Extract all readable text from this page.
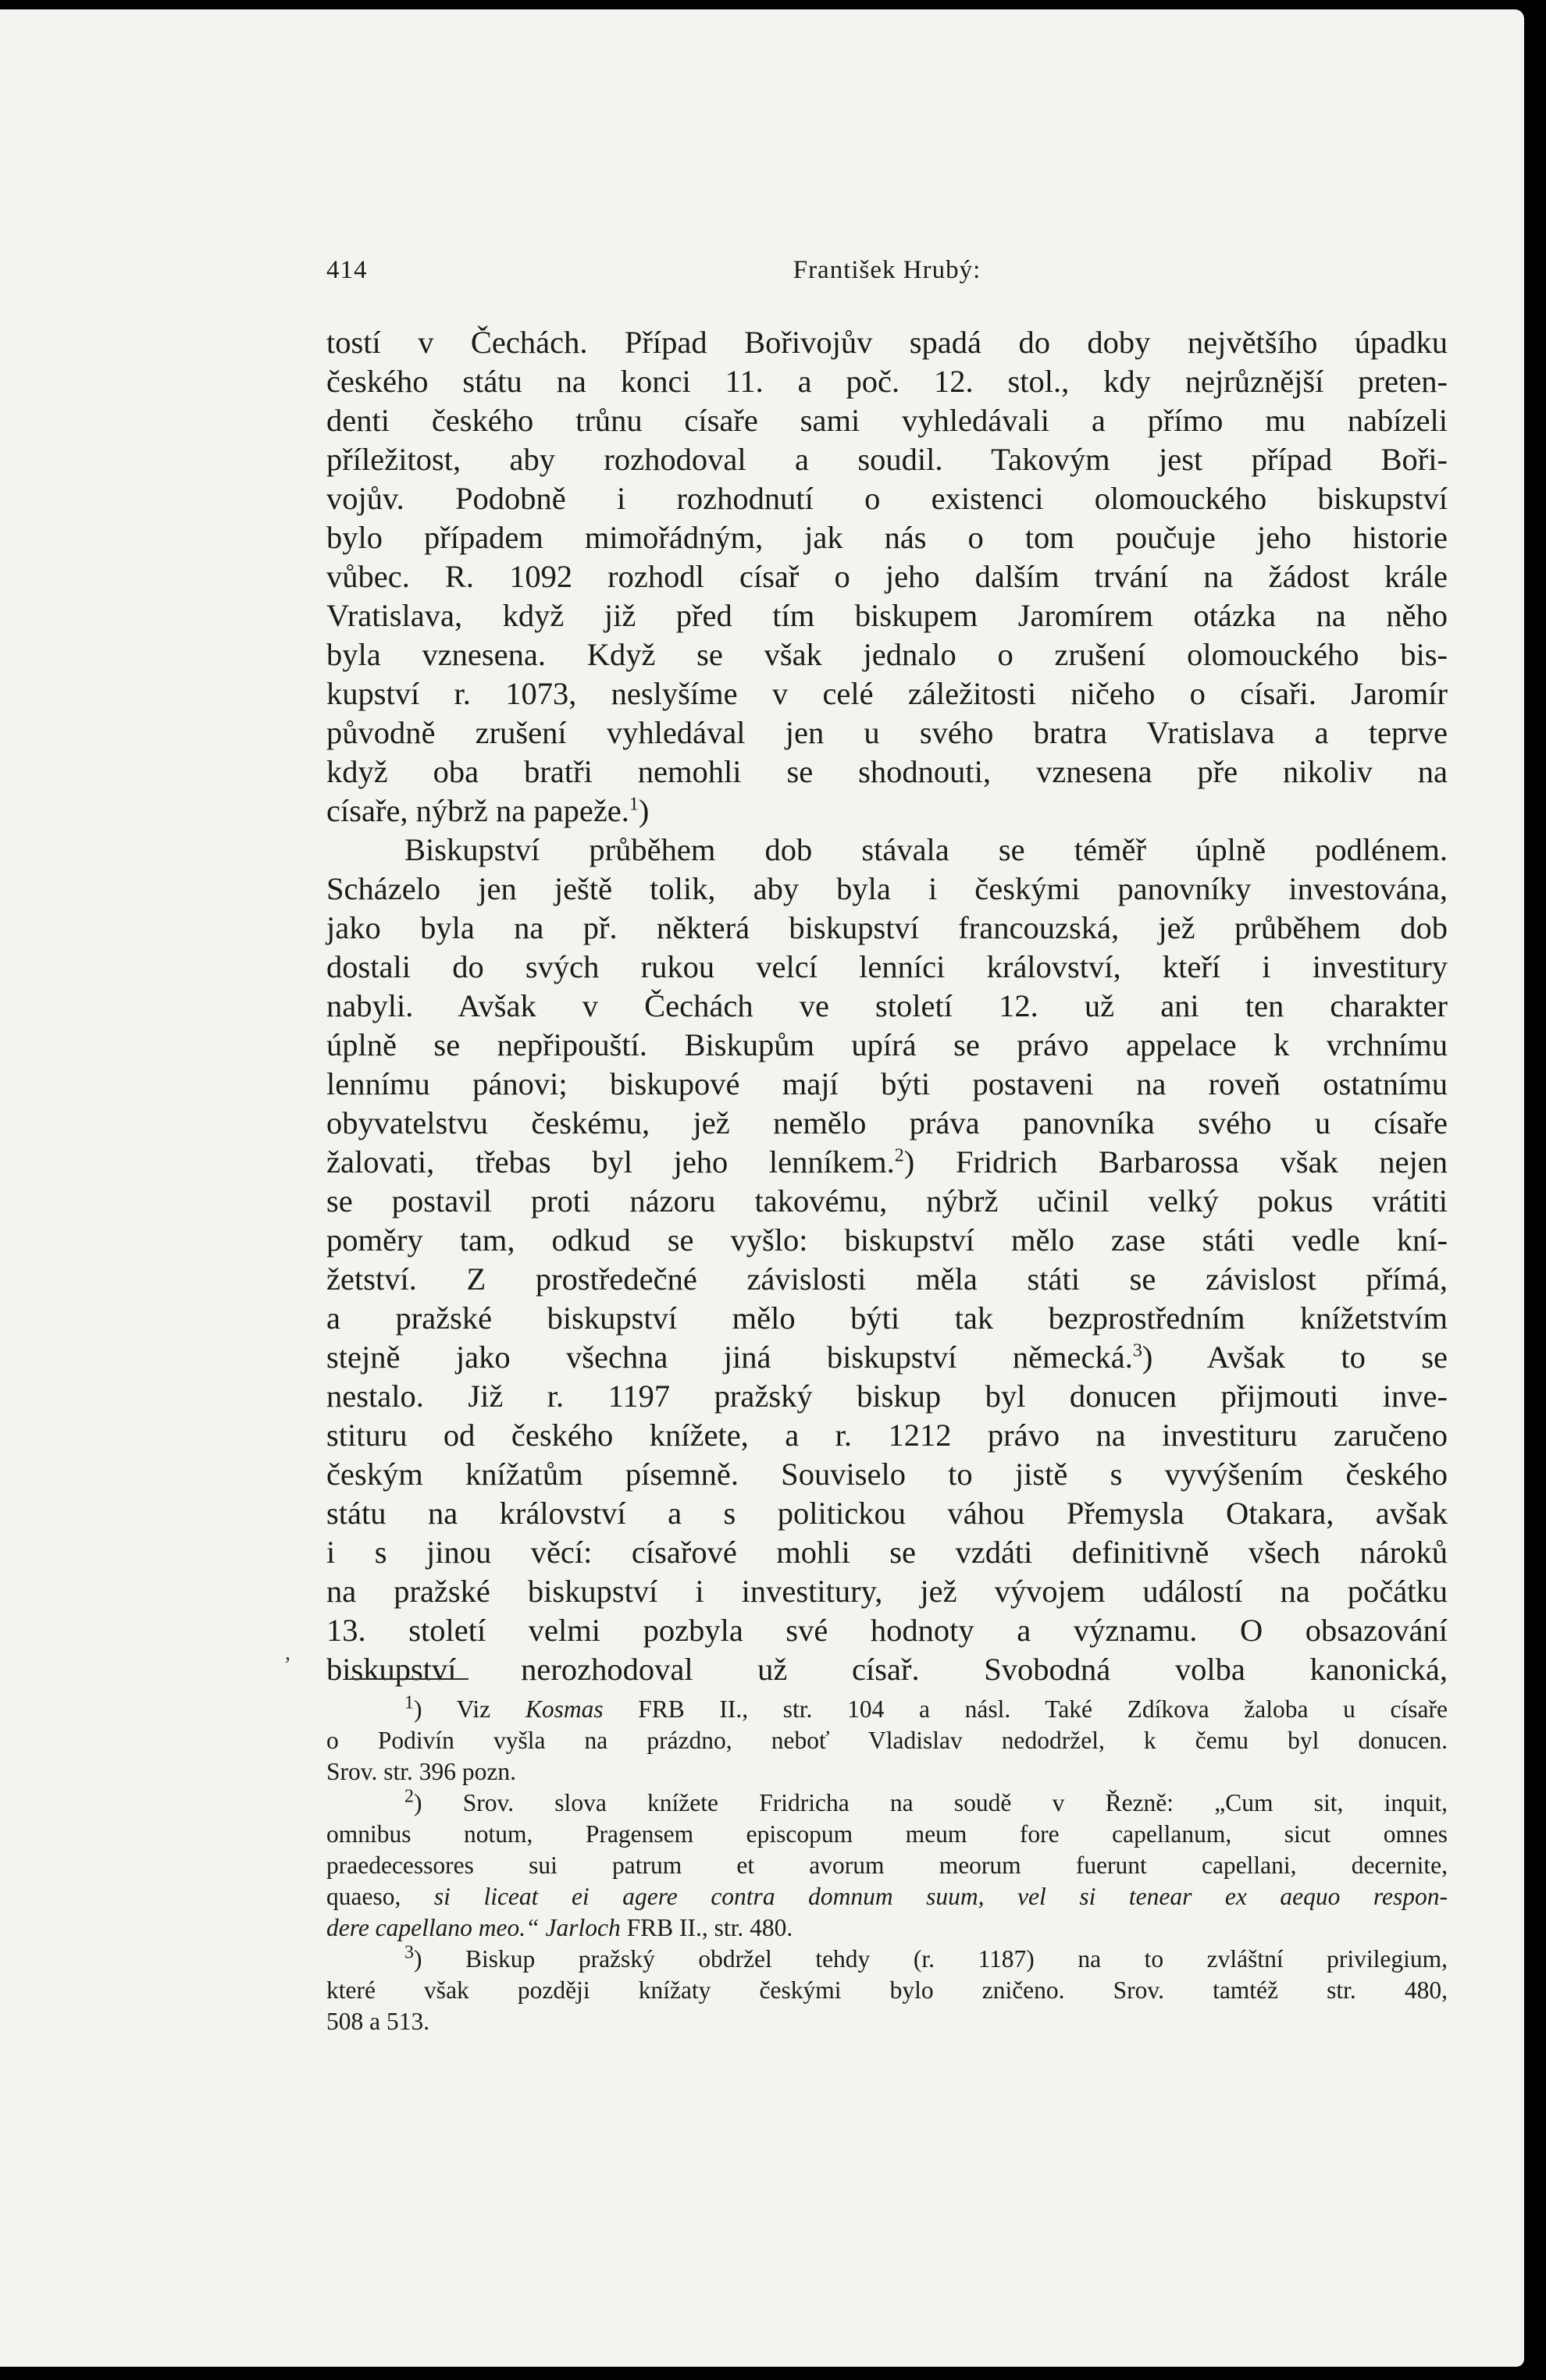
414	František Hrubý:
tostí v Čechách. Případ Bořivojův spadá do doby největšího úpadku
českého státu na konci 11. a poč. 12. stol., kdy nejrůznější preten-
denti českého trůnu císaře sami vyhledávali a přímo mu nabízeli
příležitost, aby rozhodoval a soudil. Takovým jest případ Boři-
vojův. Podobně i rozhodnutí o existenci olomouckého biskupství
bylo případem mimořádným, jak nás o tom poučuje jeho historie
vůbec. R. 1092 rozhodl císař o jeho dalším trvání na žádost krále
Vratislava, když již před tím biskupem Jaromírem otázka na něho
byla vznesena. Když se však jednalo o zrušení olomouckého bis-
kupství r. 1073, neslyšíme v celé záležitosti ničeho o císaři. Jaromír
původně zrušení vyhledával jen u svého bratra Vratislava a teprve
když oba bratři nemohli se shodnouti, vznesena pře nikoliv na
císaře, nýbrž na papeže.$^1$)
Biskupství průběhem dob stávala se téměř úplně podlénem.
Scházelo jen ještě tolik, aby byla i českými panovníky investována,
jako byla na př. některá biskupství francouzská, jež průběhem dob
dostali do svých rukou velcí lenníci království, kteří i investitury
nabyli. Avšak v Čechách ve století 12. už ani ten charakter
úplně se nepřipouští. Biskupům upírá se právo appelace k vrchnímu
lennímu pánovi; biskupové mají býti postaveni na roveň ostatnímu
obyvatelstvu českému, jež nemělo práva panovníka svého u císaře
žalovati, třebas byl jeho lenníkem.$^2$) Fridrich Barbarossa však nejen
se postavil proti názoru takovému, nýbrž učinil velký pokus vrátiti
poměry tam, odkud se vyšlo: biskupství mělo zase státi vedle kní-
žetství. Z prostředečné závislosti měla státi se závislost přímá,
a pražské biskupství mělo býti tak bezprostředním knížetstvím
stejně jako všechna jiná biskupství německá.$^3$) Avšak to se
nestalo. Již r. 1197 pražský biskup byl donucen přijmouti inve-
stituru od českého knížete, a r. 1212 právo na investituru zaručeno
českým knížatům písemně. Souviselo to jistě s vyvýšením českého
státu na království a s politickou váhou Přemysla Otakara, avšak
i s jinou věcí: císařové mohli se vzdáti definitivně všech nároků
na pražské biskupství i investitury, jež vývojem událostí na počátku
13. století velmi pozbyla své hodnoty a významu. O obsazování
biskupství nerozhodoval už císař. Svobodná volba kanonická,
,
$^1$) Viz Kosmas FRB II., str. 104 a násl. Také Zdíkova žaloba u císaře
o Podivín vyšla na prázdno, neboť Vladislav nedodržel, k čemu byl donucen.
Srov. str. 396 pozn.
$^2$) Srov. slova knížete Fridricha na soudě v Řezně: „Cum sit, inquit,
omnibus notum, Pragensem episcopum meum fore capellanum, sicut omnes
praedecessores sui patrum et avorum meorum fuerunt capellani, decernite,
quaeso, si liceat ei agere contra domnum suum, vel si tenear ex aequo respon-
dere capellano meo.“ Jarloch FRB II., str. 480.
$^3$) Biskup pražský obdržel tehdy (r. 1187) na to zvláštní privilegium,
které však později knížaty českými bylo zničeno. Srov. tamtéž str. 480,
508 a 513.
